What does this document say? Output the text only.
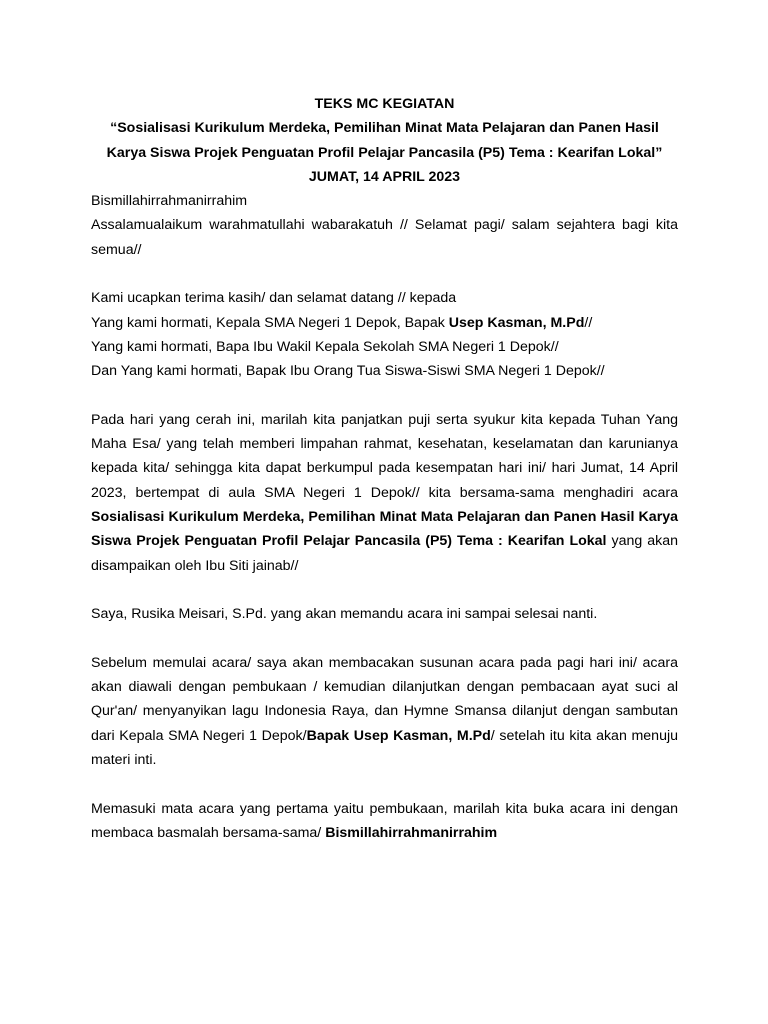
TEKS MC KEGIATAN

“Sosialisasi Kurikulum Merdeka, Pemilihan Minat Mata Pelajaran dan Panen Hasil Karya Siswa Projek Penguatan Profil Pelajar Pancasila (P5) Tema : Kearifan Lokal”

JUMAT, 14 APRIL 2023

Bismillahirrahmanirrahim

Assalamualaikum warahmatullahi wabarakatuh // Selamat pagi/ salam sejahtera bagi kita semua//

Kami ucapkan terima kasih/ dan selamat datang // kepada

Yang kami hormati, Kepala SMA Negeri 1 Depok, Bapak Usep Kasman, M.Pd//

Yang kami hormati, Bapa Ibu Wakil Kepala Sekolah SMA Negeri 1 Depok//

Dan Yang kami hormati, Bapak Ibu Orang Tua Siswa-Siswi SMA Negeri 1 Depok//

Pada hari yang cerah ini, marilah kita panjatkan puji serta syukur kita kepada Tuhan Yang Maha Esa/ yang telah memberi limpahan rahmat, kesehatan, keselamatan dan karunianya kepada kita/ sehingga kita dapat berkumpul pada kesempatan hari ini/ hari Jumat, 14 April 2023, bertempat di aula SMA Negeri 1 Depok// kita bersama-sama menghadiri acara Sosialisasi Kurikulum Merdeka, Pemilihan Minat Mata Pelajaran dan Panen Hasil Karya Siswa Projek Penguatan Profil Pelajar Pancasila (P5) Tema : Kearifan Lokal yang akan disampaikan oleh Ibu Siti jainab//

Saya, Rusika Meisari, S.Pd. yang akan memandu acara ini sampai selesai nanti.

Sebelum memulai acara/ saya akan membacakan susunan acara pada pagi hari ini/ acara akan diawali dengan pembukaan / kemudian dilanjutkan dengan pembacaan ayat suci al Qur'an/ menyanyikan lagu Indonesia Raya, dan Hymne Smansa dilanjut dengan sambutan dari Kepala SMA Negeri 1 Depok/Bapak Usep Kasman, M.Pd/ setelah itu kita akan menuju materi inti.

Memasuki mata acara yang pertama yaitu pembukaan, marilah kita buka acara ini dengan membaca basmalah bersama-sama/ Bismillahirrahmanirrahim
